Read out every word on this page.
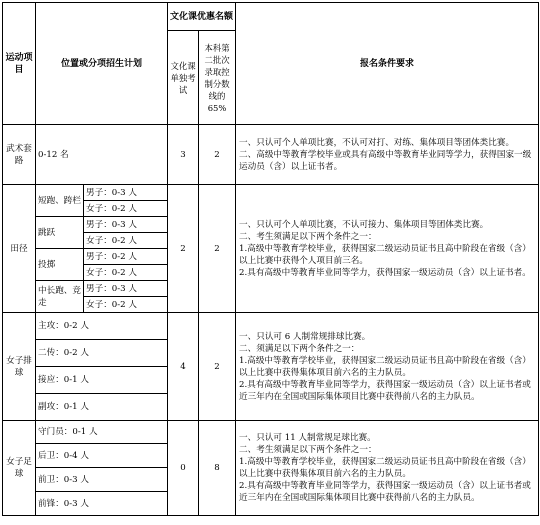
运动项目	位置或分项招生计划		文化课优惠名额		报名条件要求
			文化课单独考试	本科第二批次录取控制分数线的65%	
武术套路	0-12 名		3	2	一、只认可个人单项比赛，不认可对打、对练、集体项目等团体类比赛。
二、高级中等教育学校毕业或具有高级中等教育毕业同等学力，获得国家一级运动员（含）以上证书者。

田径	短跑、跨栏	男子：0-3 人	2	2	一、只认可个人单项比赛，不认可接力、集体项目等团体类比赛。
二、考生须满足以下两个条件之一：
1.高级中等教育学校毕业，获得国家二级运动员证书且高中阶段在省级（含）以上比赛中获得个人项目前三名。
2.具有高级中等教育毕业同等学力，获得国家一级运动员（含）以上证书者。

		女子：0-2 人			
	跳跃	男子：0-3 人			
		女子：0-2 人			
	投掷	男子：0-2 人			
		女子：0-2 人			
	中长跑、竞走	男子：0-3 人			
		女子：0-2 人			
女子排球	主攻：0-2 人		4	2	一、只认可 6 人制常规排球比赛。
二、须满足以下两个条件之一：
1.高级中等教育学校毕业，获得国家二级运动员证书且高中阶段在省级（含）以上比赛中获得集体项目前六名的主力队员。
2.具有高级中等教育毕业同等学力，获得国家一级运动员（含）以上证书者或近三年内在全国或国际集体项目比赛中获得前八名的主力队员。

	二传：0-2 人				
	接应：0-1 人				
	副攻：0-1 人				
女子足球	守门员：0-1 人		0	8	一、只认可 11 人制常规足球比赛。
二、考生须满足以下两个条件之一：
1.高级中等教育学校毕业，获得国家二级运动员证书且高中阶段在省级（含）以上比赛中获得集体项目前六名的主力队员。
2.具有高级中等教育毕业同等学力，获得国家一级运动员（含）以上证书者或近三年内在全国或国际集体项目比赛中获得前八名的主力队员。

	后卫：0-4 人				
	前卫：0-3 人				
	前锋：0-3 人				
